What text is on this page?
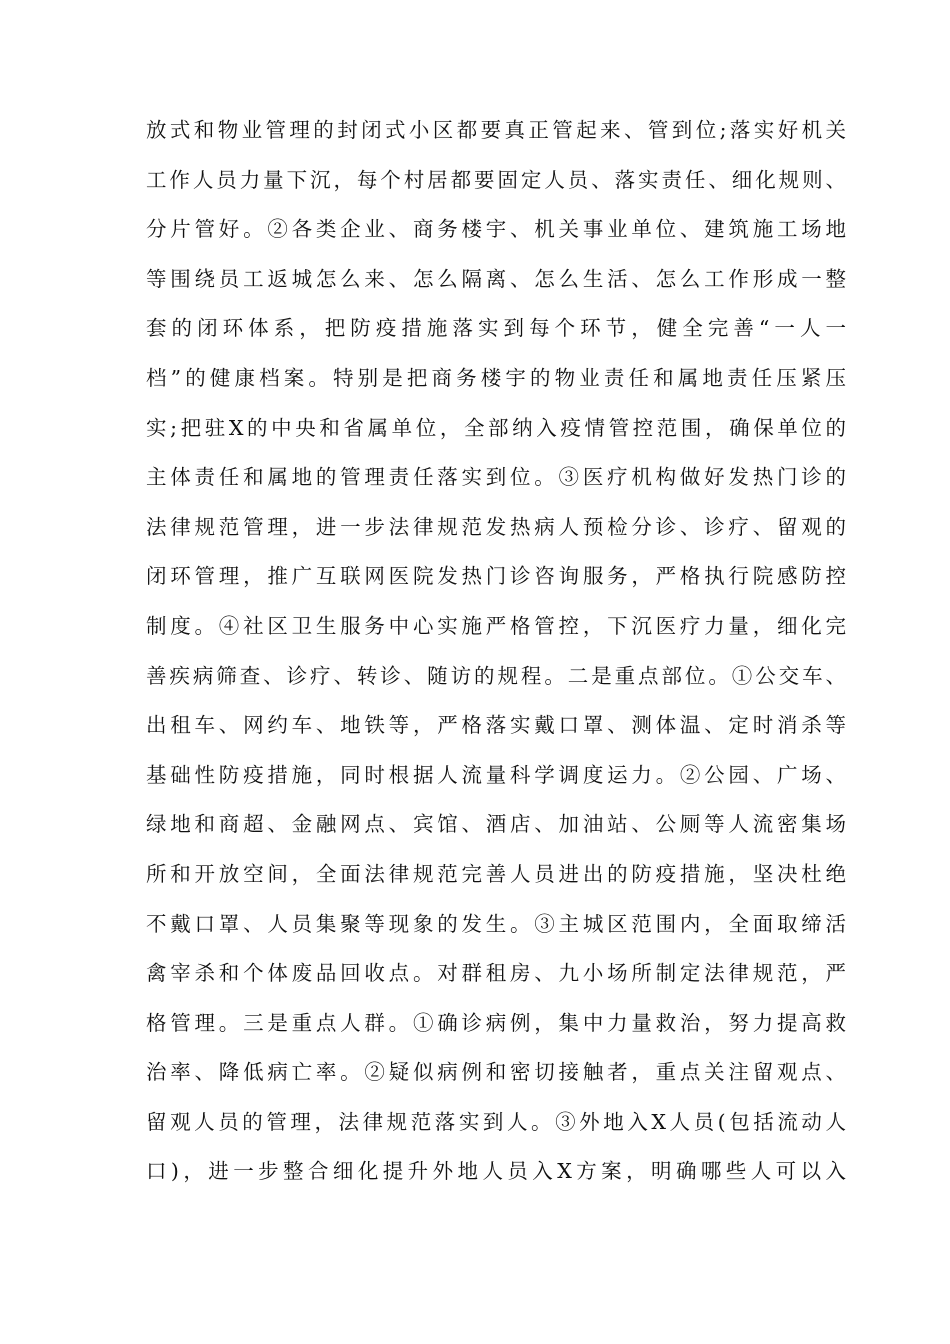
放式和物业管理的封闭式小区都要真正管起来、管到位;落实好机关
工作人员力量下沉，每个村居都要固定人员、落实责任、细化规则、
分片管好。②各类企业、商务楼宇、机关事业单位、建筑施工场地
等围绕员工返城怎么来、怎么隔离、怎么生活、怎么工作形成一整
套的闭环体系，把防疫措施落实到每个环节，健全完善“一人一
档”的健康档案。特别是把商务楼宇的物业责任和属地责任压紧压
实;把驻X的中央和省属单位，全部纳入疫情管控范围，确保单位的
主体责任和属地的管理责任落实到位。③医疗机构做好发热门诊的
法律规范管理，进一步法律规范发热病人预检分诊、诊疗、留观的
闭环管理，推广互联网医院发热门诊咨询服务，严格执行院感防控
制度。④社区卫生服务中心实施严格管控，下沉医疗力量，细化完
善疾病筛查、诊疗、转诊、随访的规程。二是重点部位。①公交车、
出租车、网约车、地铁等，严格落实戴口罩、测体温、定时消杀等
基础性防疫措施，同时根据人流量科学调度运力。②公园、广场、
绿地和商超、金融网点、宾馆、酒店、加油站、公厕等人流密集场
所和开放空间，全面法律规范完善人员进出的防疫措施，坚决杜绝
不戴口罩、人员集聚等现象的发生。③主城区范围内，全面取缔活
禽宰杀和个体废品回收点。对群租房、九小场所制定法律规范，严
格管理。三是重点人群。①确诊病例，集中力量救治，努力提高救
治率、降低病亡率。②疑似病例和密切接触者，重点关注留观点、
留观人员的管理，法律规范落实到人。③外地入X人员(包括流动人
口)，进一步整合细化提升外地人员入X方案，明确哪些人可以入
